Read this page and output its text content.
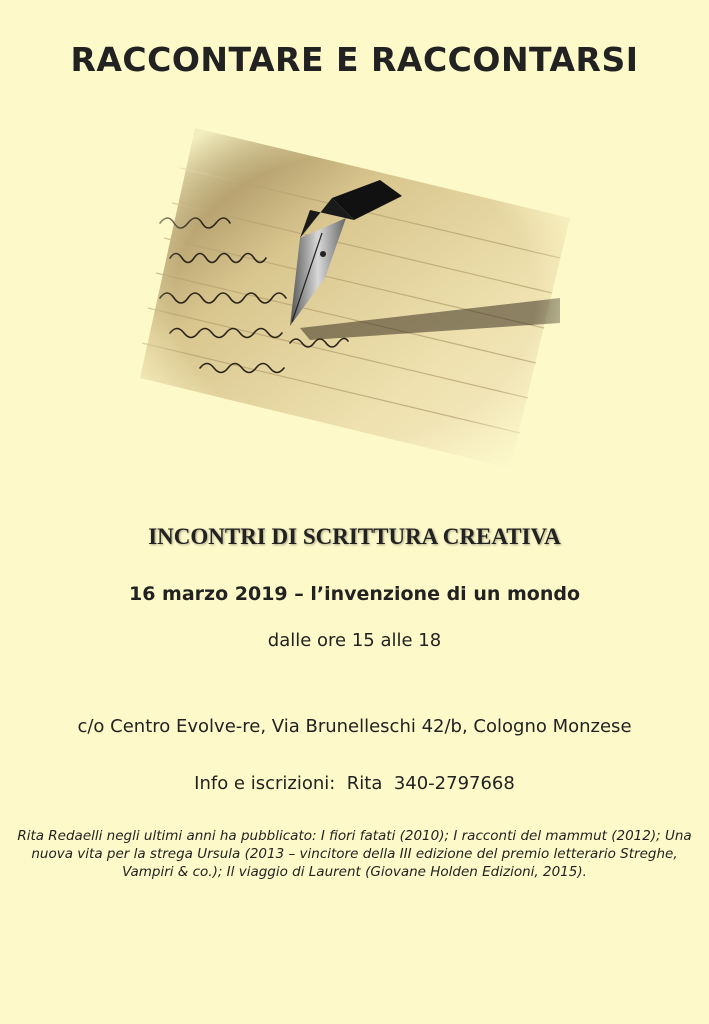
RACCONTARE E RACCONTARSI
INCONTRI DI SCRITTURA CREATIVA
16 marzo 2019 – l’invenzione di un mondo
dalle ore 15 alle 18
c/o Centro Evolve-re, Via Brunelleschi 42/b, Cologno Monzese
Info e iscrizioni:  Rita  340-2797668
Rita Redaelli negli ultimi anni ha pubblicato: I fiori fatati (2010); I racconti del mammut (2012); Una nuova vita per la strega Ursula (2013 – vincitore della III edizione del premio letterario Streghe, Vampiri & co.); Il viaggio di Laurent (Giovane Holden Edizioni, 2015).
